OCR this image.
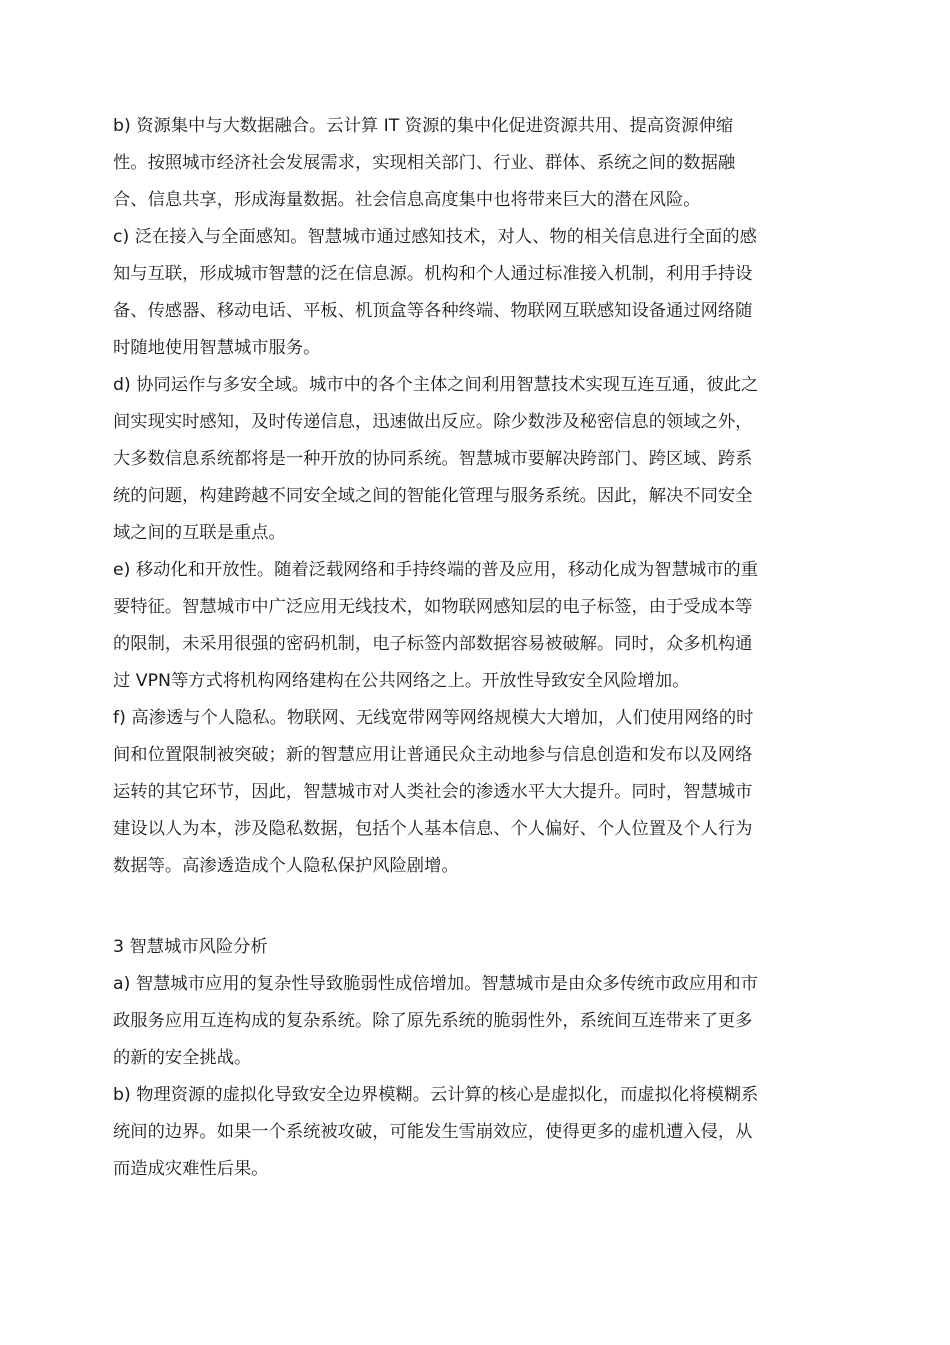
b) 资源集中与大数据融合。云计算 IT 资源的集中化促进资源共用、提高资源伸缩
性。按照城市经济社会发展需求，实现相关部门、行业、群体、系统之间的数据融
合、信息共享，形成海量数据。社会信息高度集中也将带来巨大的潜在风险。
c) 泛在接入与全面感知。智慧城市通过感知技术，对人、物的相关信息进行全面的感
知与互联，形成城市智慧的泛在信息源。机构和个人通过标准接入机制，利用手持设
备、传感器、移动电话、平板、机顶盒等各种终端、物联网互联感知设备通过网络随
时随地使用智慧城市服务。
d) 协同运作与多安全域。城市中的各个主体之间利用智慧技术实现互连互通，彼此之
间实现实时感知，及时传递信息，迅速做出反应。除少数涉及秘密信息的领域之外，
大多数信息系统都将是一种开放的协同系统。智慧城市要解决跨部门、跨区域、跨系
统的问题，构建跨越不同安全域之间的智能化管理与服务系统。因此，解决不同安全
域之间的互联是重点。
e) 移动化和开放性。随着泛载网络和手持终端的普及应用，移动化成为智慧城市的重
要特征。智慧城市中广泛应用无线技术，如物联网感知层的电子标签，由于受成本等
的限制，未采用很强的密码机制，电子标签内部数据容易被破解。同时，众多机构通
过 VPN等方式将机构网络建构在公共网络之上。开放性导致安全风险增加。
f) 高渗透与个人隐私。物联网、无线宽带网等网络规模大大增加，人们使用网络的时
间和位置限制被突破；新的智慧应用让普通民众主动地参与信息创造和发布以及网络
运转的其它环节，因此，智慧城市对人类社会的渗透水平大大提升。同时，智慧城市
建设以人为本，涉及隐私数据，包括个人基本信息、个人偏好、个人位置及个人行为
数据等。高渗透造成个人隐私保护风险剧增。
3 智慧城市风险分析
a) 智慧城市应用的复杂性导致脆弱性成倍增加。智慧城市是由众多传统市政应用和市
政服务应用互连构成的复杂系统。除了原先系统的脆弱性外，系统间互连带来了更多
的新的安全挑战。
b) 物理资源的虚拟化导致安全边界模糊。云计算的核心是虚拟化，而虚拟化将模糊系
统间的边界。如果一个系统被攻破，可能发生雪崩效应，使得更多的虚机遭入侵，从
而造成灾难性后果。
